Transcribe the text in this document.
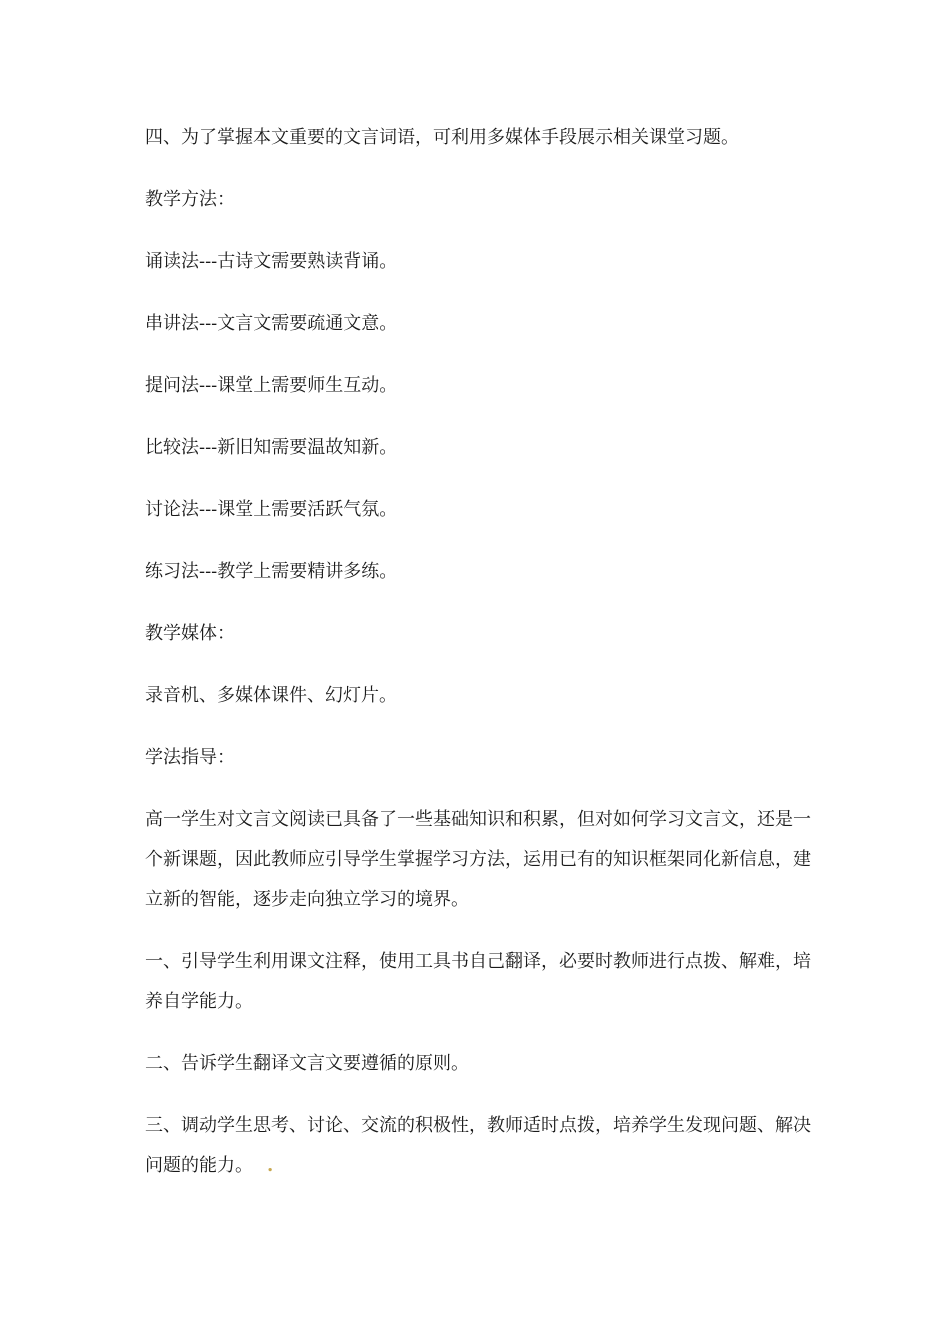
四、为了掌握本文重要的文言词语，可利用多媒体手段展示相关课堂习题。

教学方法：

诵读法---古诗文需要熟读背诵。

串讲法---文言文需要疏通文意。

提问法---课堂上需要师生互动。

比较法---新旧知需要温故知新。

讨论法---课堂上需要活跃气氛。

练习法---教学上需要精讲多练。

教学媒体：

录音机、多媒体课件、幻灯片。

学法指导：

高一学生对文言文阅读已具备了一些基础知识和积累，但对如何学习文言文，还是一个新课题，因此教师应引导学生掌握学习方法，运用已有的知识框架同化新信息，建立新的智能，逐步走向独立学习的境界。

一、引导学生利用课文注释，使用工具书自己翻译，必要时教师进行点拨、解难，培养自学能力。

二、告诉学生翻译文言文要遵循的原则。

三、调动学生思考、讨论、交流的积极性，教师适时点拨，培养学生发现问题、解决问题的能力。 .
